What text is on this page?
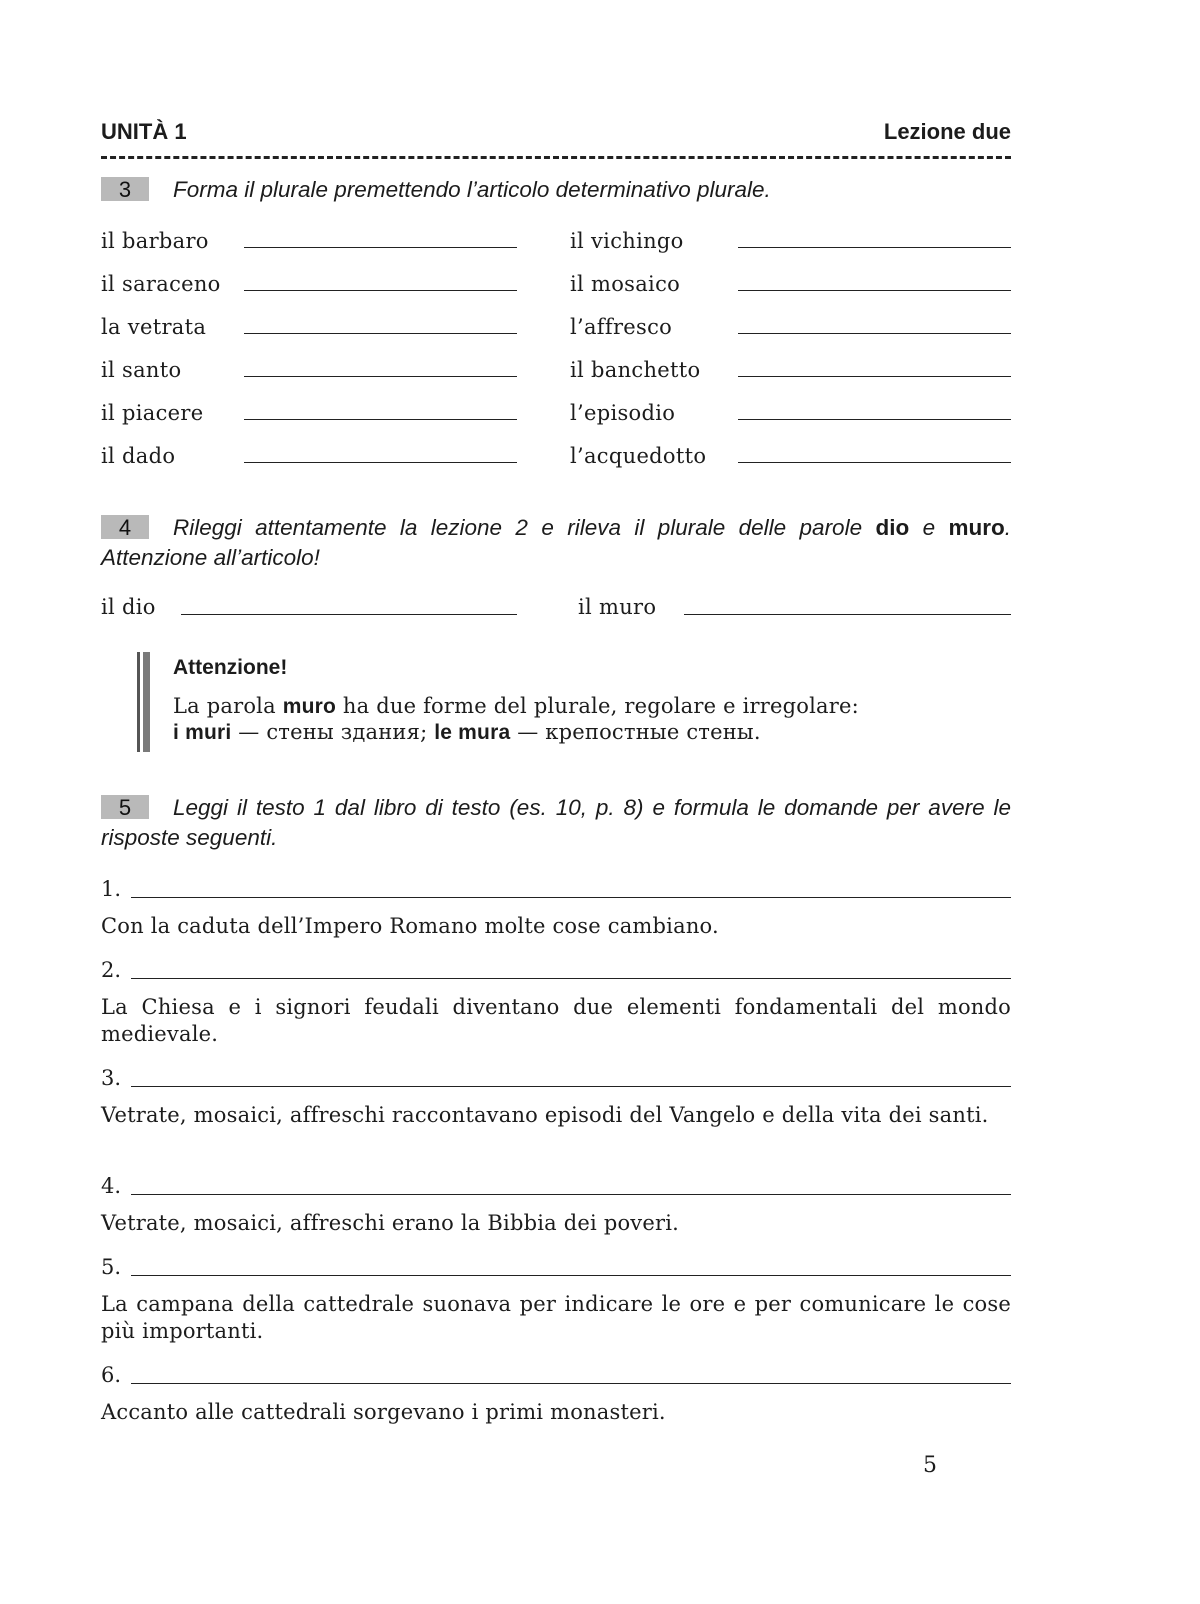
UNITÀ 1	Lezione due
3 Forma il plurale premettendo l’articolo determinativo plurale.
il barbaro	il vichingo
il saraceno	il mosaico
la vetrata	l’affresco
il santo	il banchetto
il piacere	l’episodio
il dado	l’acquedotto
4 Rileggi attentamente la lezione 2 e rileva il plurale delle parole dio e muro. Attenzione all’articolo!
il dio	il muro
Attenzione!
La parola muro ha due forme del plurale, regolare e irregolare:
i muri — стены здания; le mura — крепостные стены.
5 Leggi il testo 1 dal libro di testo (es. 10, p. 8) e formula le domande per avere le risposte seguenti.
1.
Con la caduta dell’Impero Romano molte cose cambiano.
2.
La Chiesa e i signori feudali diventano due elementi fondamentali del mondo medievale.
3.
Vetrate, mosaici, affreschi raccontavano episodi del Vangelo e della vita dei santi.
4.
Vetrate, mosaici, affreschi erano la Bibbia dei poveri.
5.
La campana della cattedrale suonava per indicare le ore e per comunicare le cose più importanti.
6.
Accanto alle cattedrali sorgevano i primi monasteri.
5
